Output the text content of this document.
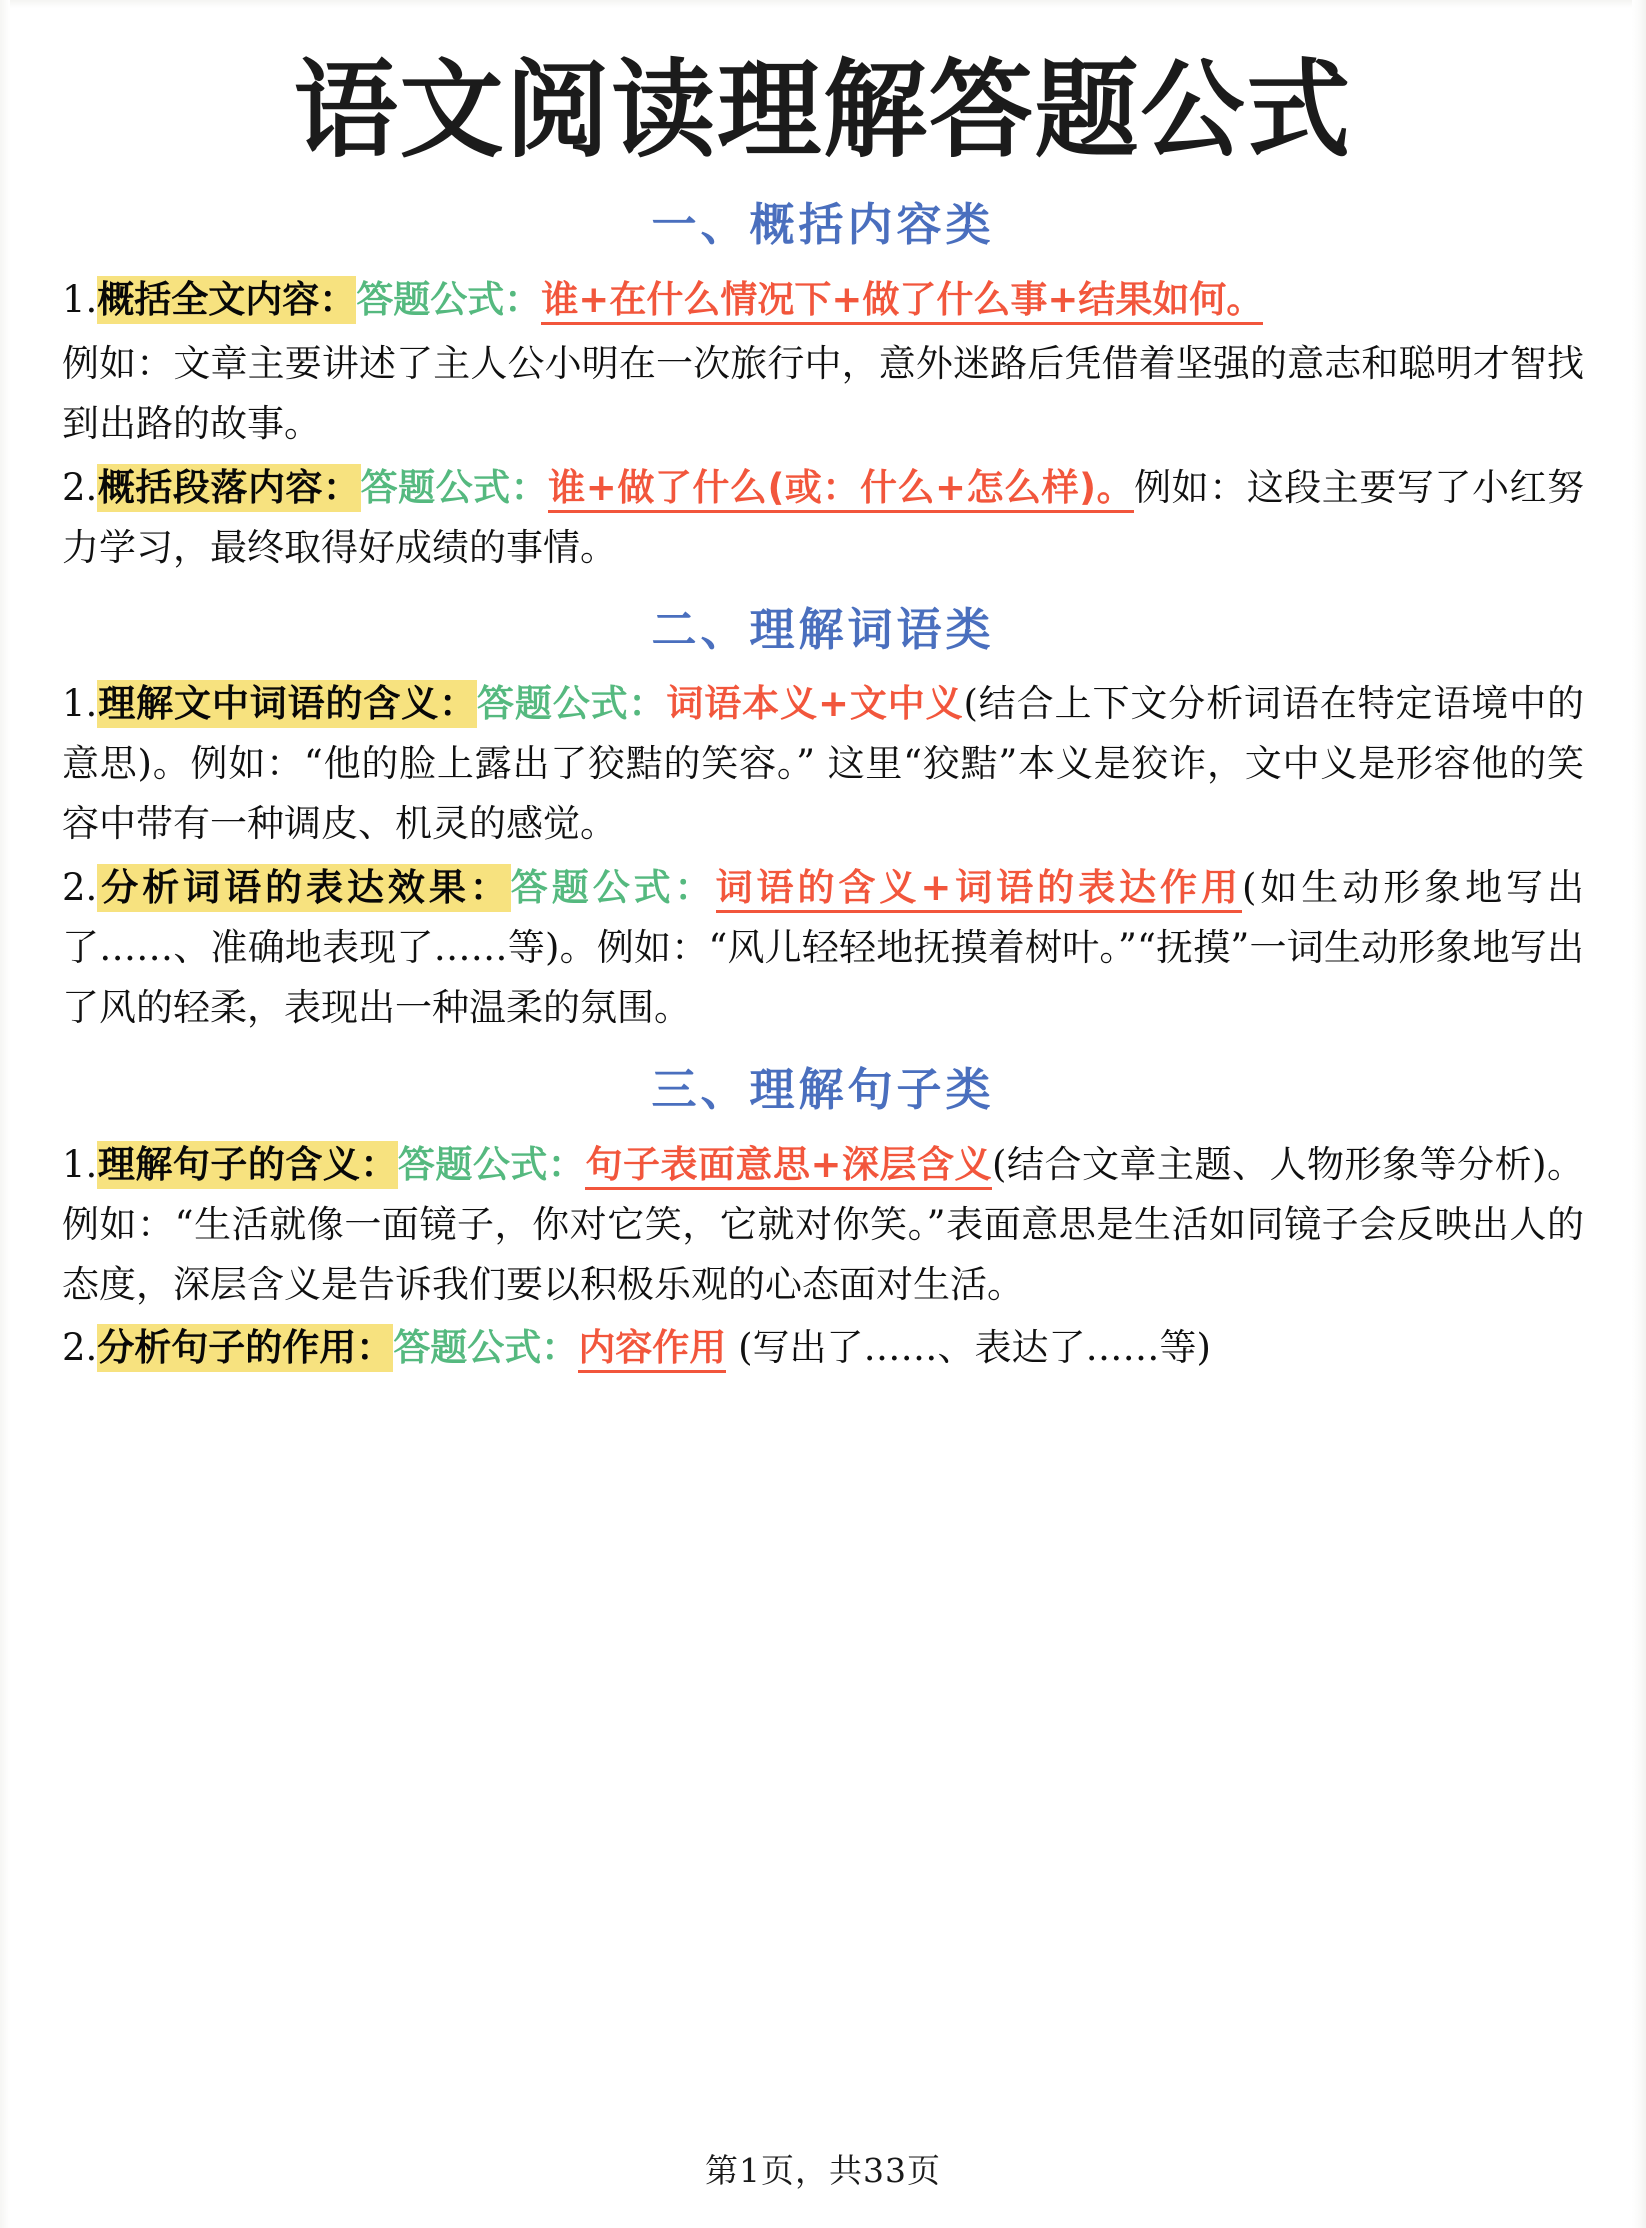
语文阅读理解答题公式
一、概括内容类

1.概括全文内容：答题公式：谁+在什么情况下+做了什么事+结果如何。

例如：文章主要讲述了主人公小明在一次旅行中，意外迷路后凭借着坚强的意志和聪明才智找到出路的故事。

2.概括段落内容：答题公式：谁+做了什么(或：什么+怎么样)。例如：这段主要写了小红努力学习，最终取得好成绩的事情。

二、理解词语类

1.理解文中词语的含义：答题公式：词语本义+文中义(结合上下文分析词语在特定语境中的意思)。例如：“他的脸上露出了狡黠的笑容。” 这里“狡黠”本义是狡诈，文中义是形容他的笑容中带有一种调皮、机灵的感觉。

2.分析词语的表达效果：答题公式：词语的含义+词语的表达作用(如生动形象地写出了……、准确地表现了……等)。例如：“风儿轻轻地抚摸着树叶。”“抚摸”一词生动形象地写出了风的轻柔，表现出一种温柔的氛围。

三、理解句子类

1.理解句子的含义：答题公式：句子表面意思+深层含义(结合文章主题、人物形象等分析)。 例如：“生活就像一面镜子，你对它笑，它就对你笑。”表面意思是生活如同镜子会反映出人的态度，深层含义是告诉我们要以积极乐观的心态面对生活。

2.分析句子的作用：答题公式：内容作用 (写出了……、表达了……等)

第1页，共33页
